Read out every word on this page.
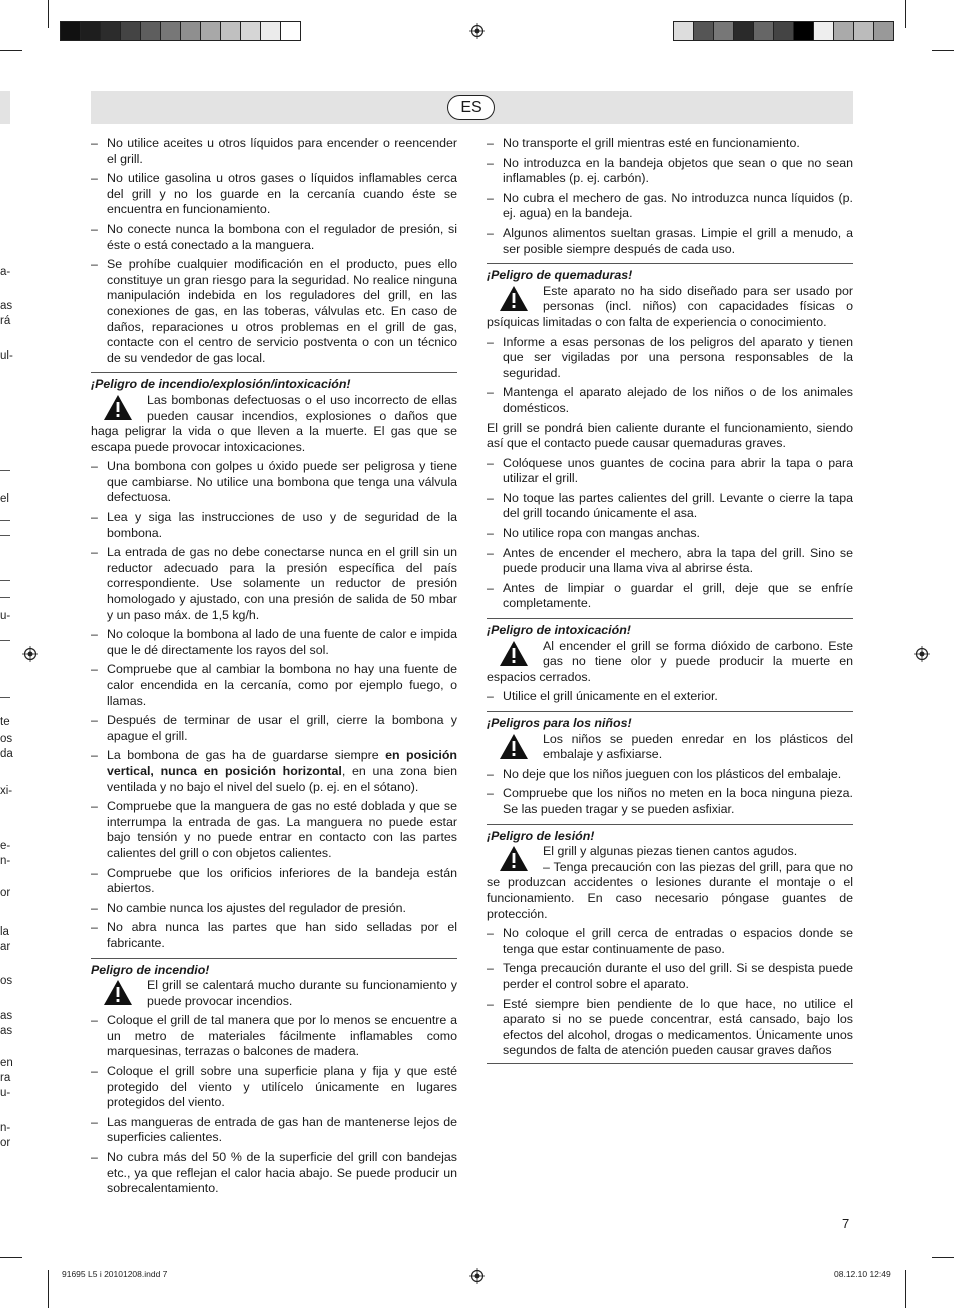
a-
as
rá
ul-
el
u-
te
os
da
xi-
e-
n-
or
la
ar
os
as
as
en
ra
u-
n-
or
ES
– No utilice aceites u otros líquidos para encender o reencender el grill.
– No utilice gasolina u otros gases o líquidos inflamables cerca del grill y no los guarde en la cercanía cuando éste se encuentra en funcionamiento.
– No conecte nunca la bombona con el regulador de presión, si éste o está conectado a la manguera.
– Se prohíbe cualquier modificación en el producto, pues ello constituye un gran riesgo para la seguridad. No realice ninguna manipulación indebida en los reguladores del grill, en las conexiones de gas, en las toberas, válvulas etc. En caso de daños, reparaciones u otros problemas en el grill de gas, contacte con el centro de servicio postventa o con un técnico de su vendedor de gas local.
¡Peligro de incendio/explosión/intoxicación!

Las bombonas defectuosas o el uso incorrecto de ellas pueden causar incendios, explosiones o daños que haga peligrar la vida o que lleven a la muerte. El gas que se escapa puede provocar intoxicaciones.

– Una bombona con golpes u óxido puede ser peligrosa y tiene que cambiarse. No utilice una bombona que tenga una válvula defectuosa.
– Lea y siga las instrucciones de uso y de seguridad de la bombona.
– La entrada de gas no debe conectarse nunca en el grill sin un reductor adecuado para la presión específica del país correspondiente. Use solamente un reductor de presión homologado y ajustado, con una presión de salida de 50 mbar y un paso máx. de 1,5 kg/h.
– No coloque la bombona al lado de una fuente de calor e impida que le dé directamente los rayos del sol.
– Compruebe que al cambiar la bombona no hay una fuente de calor encendida en la cercanía, como por ejemplo fuego, o llamas.
– Después de terminar de usar el grill, cierre la bombona y apague el grill.
– La bombona de gas ha de guardarse siempre en posición vertical, nunca en posición horizontal, en una zona bien ventilada y no bajo el nivel del suelo (p. ej. en el sótano).
– Compruebe que la manguera de gas no esté doblada y que se interrumpa la entrada de gas. La manguera no puede estar bajo tensión y no puede entrar en contacto con las partes calientes del grill o con objetos calientes.
– Compruebe que los orificios inferiores de la bandeja están abiertos.
– No cambie nunca los ajustes del regulador de presión.
– No abra nunca las partes que han sido selladas por el fabricante.
Peligro de incendio!

El grill se calentará mucho durante su funcionamiento y puede provocar incendios.

– Coloque el grill de tal manera que por lo menos se encuentre a un metro de materiales fácilmente inflamables como marquesinas, terrazas o balcones de madera.
– Coloque el grill sobre una superficie plana y fija y que esté protegido del viento y utilícelo únicamente en lugares protegidos del viento.
– Las mangueras de entrada de gas han de mantenerse lejos de superficies calientes.
– No cubra más del 50 % de la superficie del grill con bandejas etc., ya que reflejan el calor hacia abajo. Se puede producir un sobrecalentamiento.
– No transporte el grill mientras esté en funcionamiento.
– No introduzca en la bandeja objetos que sean o que no sean inflamables (p. ej. carbón).
– No cubra el mechero de gas. No introduzca nunca líquidos (p. ej. agua) en la bandeja.
– Algunos alimentos sueltan grasas. Limpie el grill a menudo, a ser posible siempre después de cada uso.
¡Peligro de quemaduras!

Este aparato no ha sido diseñado para ser usado por personas (incl. niños) con capacidades físicas o psíquicas limitadas o con falta de experiencia o conocimiento.

– Informe a esas personas de los peligros del aparato y tienen que ser vigiladas por una persona responsables de la seguridad.
– Mantenga el aparato alejado de los niños o de los animales domésticos.

El grill se pondrá bien caliente durante el funcionamiento, siendo así que el contacto puede causar quemaduras graves.

– Colóquese unos guantes de cocina para abrir la tapa o para utilizar el grill.
– No toque las partes calientes del grill. Levante o cierre la tapa del grill tocando únicamente el asa.
– No utilice ropa con mangas anchas.
– Antes de encender el mechero, abra la tapa del grill. Sino se puede producir una llama viva al abrirse ésta.
– Antes de limpiar o guardar el grill, deje que se enfríe completamente.
¡Peligro de intoxicación!

Al encender el grill se forma dióxido de carbono. Este gas no tiene olor y puede producir la muerte en espacios cerrados.

– Utilice el grill únicamente en el exterior.
¡Peligros para los niños!

Los niños se pueden enredar en los plásticos del embalaje y asfixiarse.

– No deje que los niños jueguen con los plásticos del embalaje.
– Compruebe que los niños no meten en la boca ninguna pieza. Se las pueden tragar y se pueden asfixiar.
¡Peligro de lesión!

El grill y algunas piezas tienen cantos agudos.
– Tenga precaución con las piezas del grill, para que no se produzcan accidentes o lesiones durante el montaje o el funcionamiento. En caso necesario póngase guantes de protección.

– No coloque el grill cerca de entradas o espacios donde se tenga que estar continuamente de paso.
– Tenga precaución durante el uso del grill. Si se despista puede perder el control sobre el aparato.
– Esté siempre bien pendiente de lo que hace, no utilice el aparato si no se puede concentrar, está cansado, bajo los efectos del alcohol, drogas o medicamentos. Únicamente unos segundos de falta de atención pueden causar graves daños
7
91695 L5 i 20101208.indd 7	08.12.10 12:49
